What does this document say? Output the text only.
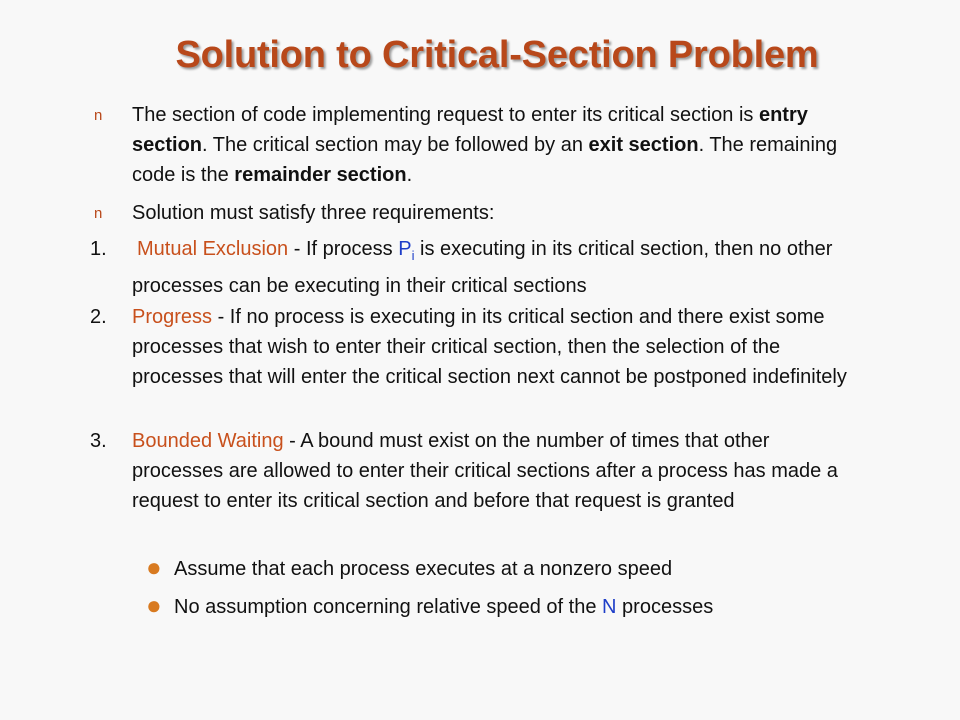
Solution to Critical-Section Problem
n The section of code implementing request to enter its critical section is entry section. The critical section may be followed by an exit section. The remaining code is the remainder section.
n Solution must satisfy three requirements:
1. Mutual Exclusion - If process $P_i$ is executing in its critical section, then no other processes can be executing in their critical sections
2. Progress - If no process is executing in its critical section and there exist some processes that wish to enter their critical section, then the selection of the processes that will enter the critical section next cannot be postponed indefinitely
3. Bounded Waiting - A bound must exist on the number of times that other processes are allowed to enter their critical sections after a process has made a request to enter its critical section and before that request is granted
● Assume that each process executes at a nonzero speed
● No assumption concerning relative speed of the N processes
